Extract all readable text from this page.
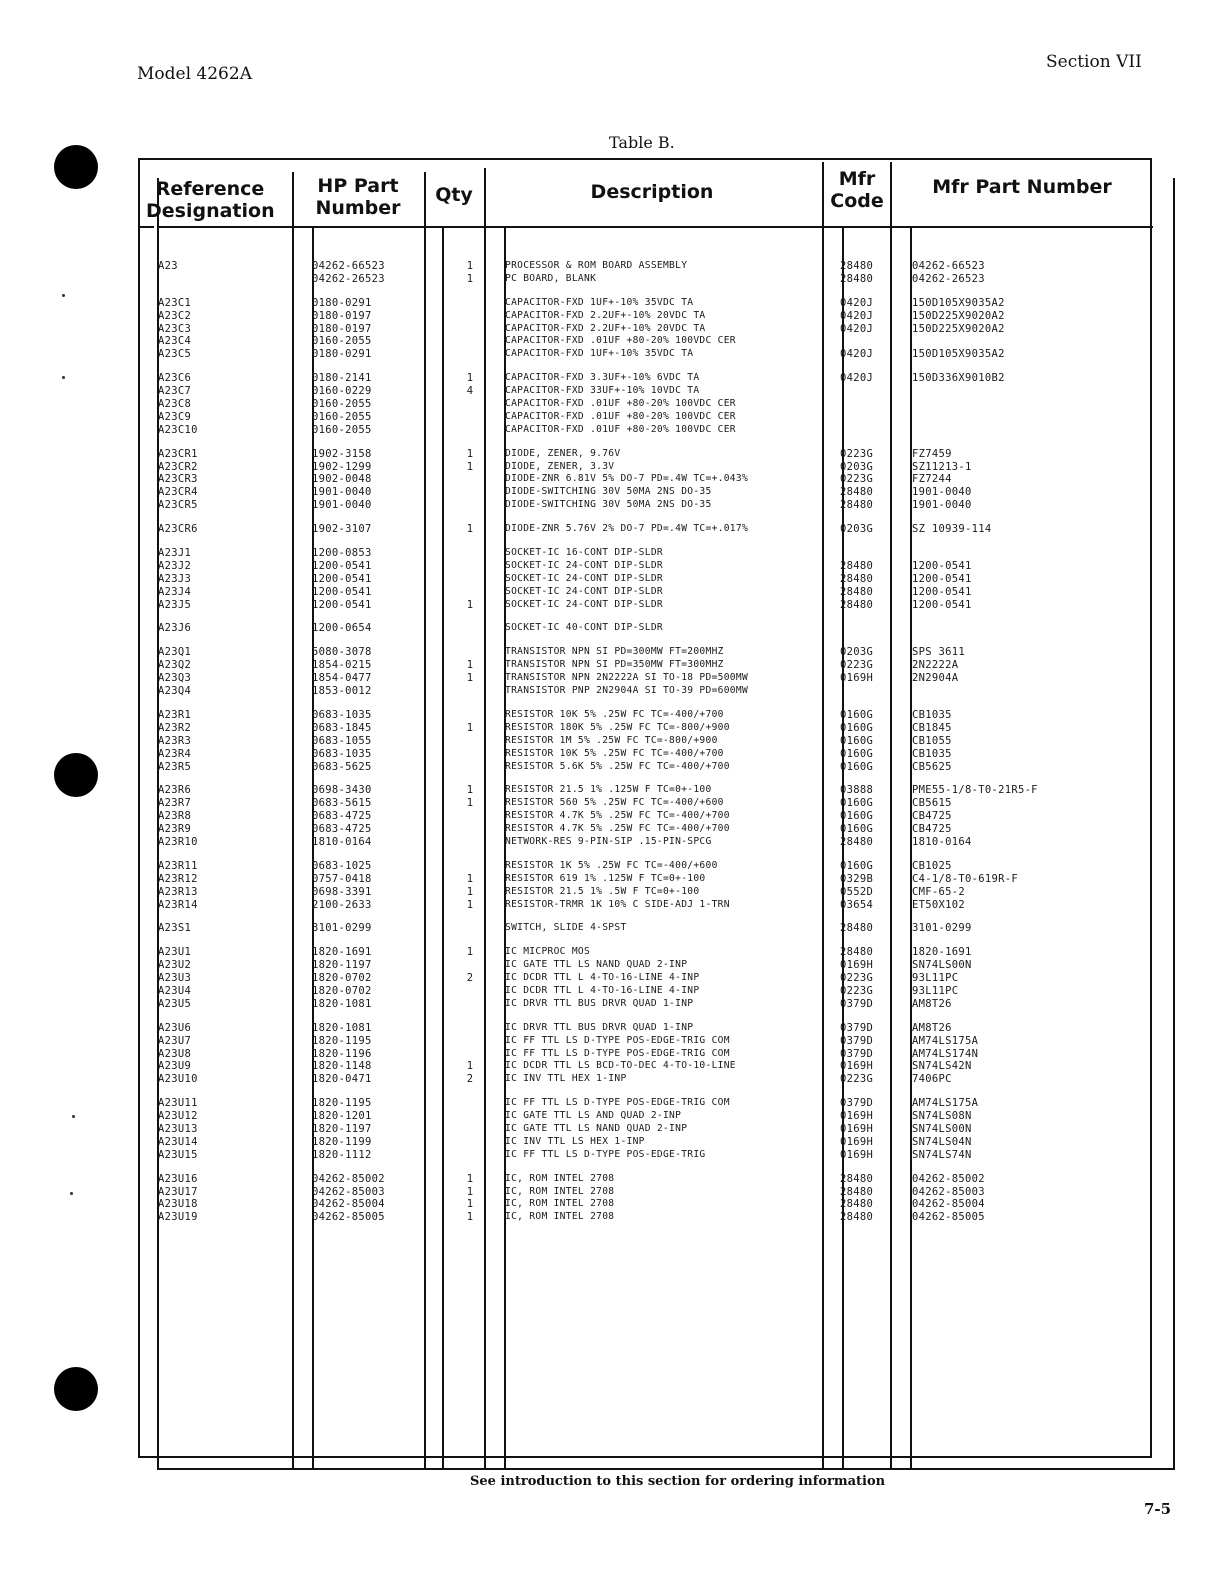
Model 4262A
Section VII
Table B.
Reference Designation
HP Part Number
Qty	Description
Mfr Code
Mfr Part Number
A23
A23C1
A23C2
A23C3
A23C4
A23C5
A23C6
A23C7
A23C8
A23C9
A23C10
A23CR1
A23CR2
A23CR3
A23CR4
A23CR5
A23CR6
A23J1
A23J2
A23J3
A23J4
A23J5
A23J6
A23Q1
A23Q2
A23Q3
A23Q4
A23R1
A23R2
A23R3
A23R4
A23R5
A23R6
A23R7
A23R8
A23R9
A23R10
A23R11
A23R12
A23R13
A23R14
A23S1
A23U1
A23U2
A23U3
A23U4
A23U5
A23U6
A23U7
A23U8
A23U9
A23U10
A23U11
A23U12
A23U13
A23U14
A23U15
A23U16
A23U17
A23U18
A23U19
04262-66523
04262-26523
0180-0291
0180-0197
0180-0197
0160-2055
0180-0291
0180-2141
0160-0229
0160-2055
0160-2055
0160-2055
1902-3158
1902-1299
1902-0048
1901-0040
1901-0040
1902-3107
1200-0853
1200-0541
1200-0541
1200-0541
1200-0541
1200-0654
5080-3078
1854-0215
1854-0477
1853-0012
0683-1035
0683-1845
0683-1055
0683-1035
0683-5625
0698-3430
0683-5615
0683-4725
0683-4725
1810-0164
0683-1025
0757-0418
0698-3391
2100-2633
3101-0299
1820-1691
1820-1197
1820-0702
1820-0702
1820-1081
1820-1081
1820-1195
1820-1196
1820-1148
1820-0471
1820-1195
1820-1201
1820-1197
1820-1199
1820-1112
04262-85002
04262-85003
04262-85004
04262-85005
1
1
1
4
1
1
1
1
1
1
1
1
1
1
1
1
1
2
1
2
1
1
1
1
PROCESSOR & ROM BOARD ASSEMBLY
PC BOARD, BLANK
CAPACITOR-FXD 1UF+-10% 35VDC TA
CAPACITOR-FXD 2.2UF+-10% 20VDC TA
CAPACITOR-FXD 2.2UF+-10% 20VDC TA
CAPACITOR-FXD .01UF +80-20% 100VDC CER
CAPACITOR-FXD 1UF+-10% 35VDC TA
CAPACITOR-FXD 3.3UF+-10% 6VDC TA
CAPACITOR-FXD 33UF+-10% 10VDC TA
CAPACITOR-FXD .01UF +80-20% 100VDC CER
CAPACITOR-FXD .01UF +80-20% 100VDC CER
CAPACITOR-FXD .01UF +80-20% 100VDC CER
DIODE, ZENER, 9.76V
DIODE, ZENER, 3.3V
DIODE-ZNR 6.81V 5% DO-7 PD=.4W TC=+.043%
DIODE-SWITCHING 30V 50MA 2NS DO-35
DIODE-SWITCHING 30V 50MA 2NS DO-35
DIODE-ZNR 5.76V 2% DO-7 PD=.4W TC=+.017%
SOCKET-IC 16-CONT DIP-SLDR
SOCKET-IC 24-CONT DIP-SLDR
SOCKET-IC 24-CONT DIP-SLDR
SOCKET-IC 24-CONT DIP-SLDR
SOCKET-IC 24-CONT DIP-SLDR
SOCKET-IC 40-CONT DIP-SLDR
TRANSISTOR NPN SI PD=300MW FT=200MHZ
TRANSISTOR NPN SI PD=350MW FT=300MHZ
TRANSISTOR NPN 2N2222A SI TO-18 PD=500MW
TRANSISTOR PNP 2N2904A SI TO-39 PD=600MW
RESISTOR 10K 5% .25W FC TC=-400/+700
RESISTOR 180K 5% .25W FC TC=-800/+900
RESISTOR 1M 5% .25W FC TC=-800/+900
RESISTOR 10K 5% .25W FC TC=-400/+700
RESISTOR 5.6K 5% .25W FC TC=-400/+700
RESISTOR 21.5 1% .125W F TC=0+-100
RESISTOR 560 5% .25W FC TC=-400/+600
RESISTOR 4.7K 5% .25W FC TC=-400/+700
RESISTOR 4.7K 5% .25W FC TC=-400/+700
NETWORK-RES 9-PIN-SIP .15-PIN-SPCG
RESISTOR 1K 5% .25W FC TC=-400/+600
RESISTOR 619 1% .125W F TC=0+-100
RESISTOR 21.5 1% .5W F TC=0+-100
RESISTOR-TRMR 1K 10% C SIDE-ADJ 1-TRN
SWITCH, SLIDE 4-SPST
IC MICPROC MOS
IC GATE TTL LS NAND QUAD 2-INP
IC DCDR TTL L 4-TO-16-LINE 4-INP
IC DCDR TTL L 4-TO-16-LINE 4-INP
IC DRVR TTL BUS DRVR QUAD 1-INP
IC DRVR TTL BUS DRVR QUAD 1-INP
IC FF TTL LS D-TYPE POS-EDGE-TRIG COM
IC FF TTL LS D-TYPE POS-EDGE-TRIG COM
IC DCDR TTL LS BCD-TO-DEC 4-TO-10-LINE
IC INV TTL HEX 1-INP
IC FF TTL LS D-TYPE POS-EDGE-TRIG COM
IC GATE TTL LS AND QUAD 2-INP
IC GATE TTL LS NAND QUAD 2-INP
IC INV TTL LS HEX 1-INP
IC FF TTL LS D-TYPE POS-EDGE-TRIG
IC, ROM INTEL 2708
IC, ROM INTEL 2708
IC, ROM INTEL 2708
IC, ROM INTEL 2708
28480
28480
0420J
0420J
0420J
0420J
0420J
0223G
0203G
0223G
28480
28480
0203G
28480
28480
28480
28480
0203G
0223G
0169H
0160G
0160G
0160G
0160G
0160G
03888
0160G
0160G
0160G
28480
0160G
0329B
0552D
03654
28480
28480
0169H
0223G
0223G
0379D
0379D
0379D
0379D
0169H
0223G
0379D
0169H
0169H
0169H
0169H
28480
28480
28480
28480
04262-66523
04262-26523
150D105X9035A2
150D225X9020A2
150D225X9020A2
150D105X9035A2
150D336X9010B2
FZ7459
SZ11213-1
FZ7244
1901-0040
1901-0040
SZ 10939-114
1200-0541
1200-0541
1200-0541
1200-0541
SPS 3611
2N2222A
2N2904A
CB1035
CB1845
CB1055
CB1035
CB5625
PME55-1/8-T0-21R5-F
CB5615
CB4725
CB4725
1810-0164
CB1025
C4-1/8-T0-619R-F
CMF-65-2
ET50X102
3101-0299
1820-1691
SN74LS00N
93L11PC
93L11PC
AM8T26
AM8T26
AM74LS175A
AM74LS174N
SN74LS42N
7406PC
AM74LS175A
SN74LS08N
SN74LS00N
SN74LS04N
SN74LS74N
04262-85002
04262-85003
04262-85004
04262-85005
See introduction to this section for ordering information
7-5
